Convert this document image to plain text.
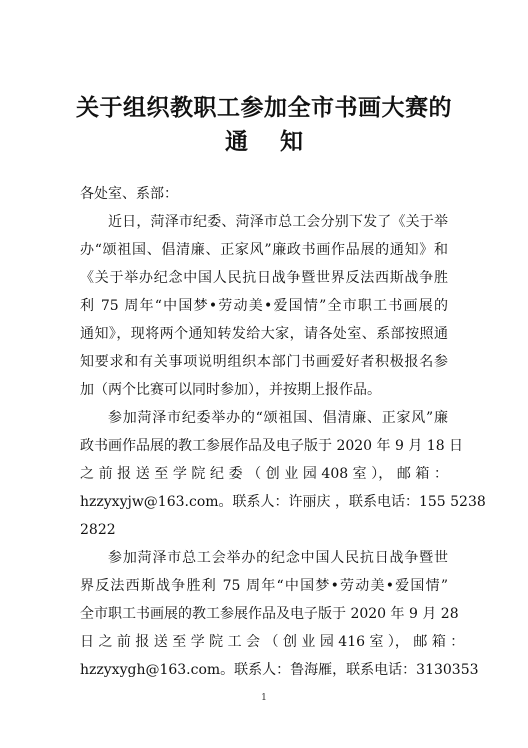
关于组织教职工参加全市书画大赛的
通    知
各处室、系部：
近日，菏泽市纪委、菏泽市总工会分别下发了《关于举
办“颂祖国、倡清廉、正家风”廉政书画作品展的通知》和
《关于举办纪念中国人民抗日战争暨世界反法西斯战争胜
利 75 周年“中国梦•劳动美•爱国情”全市职工书画展的
通知》，现将两个通知转发给大家，请各处室、系部按照通
知要求和有关事项说明组织本部门书画爱好者积极报名参
加（两个比赛可以同时参加），并按期上报作品。
参加菏泽市纪委举办的“颂祖国、倡清廉、正家风”廉
政书画作品展的教工参展作品及电子版于 2020 年 9 月 18 日
之 前 报 送 至 学 院 纪 委 （ 创 业 园 408 室 ）， 邮 箱 ：
hzzyxyjw@163.com。联系人：许丽庆 ，联系电话：155 5238
2822
参加菏泽市总工会举办的纪念中国人民抗日战争暨世
界反法西斯战争胜利 75 周年“中国梦•劳动美•爱国情”
全市职工书画展的教工参展作品及电子版于 2020 年 9 月 28
日 之 前 报 送 至 学 院 工 会 （ 创 业 园 416 室 ）， 邮 箱 ：
hzzyxygh@163.com。联系人：鲁海雁，联系电话：3130353
1
